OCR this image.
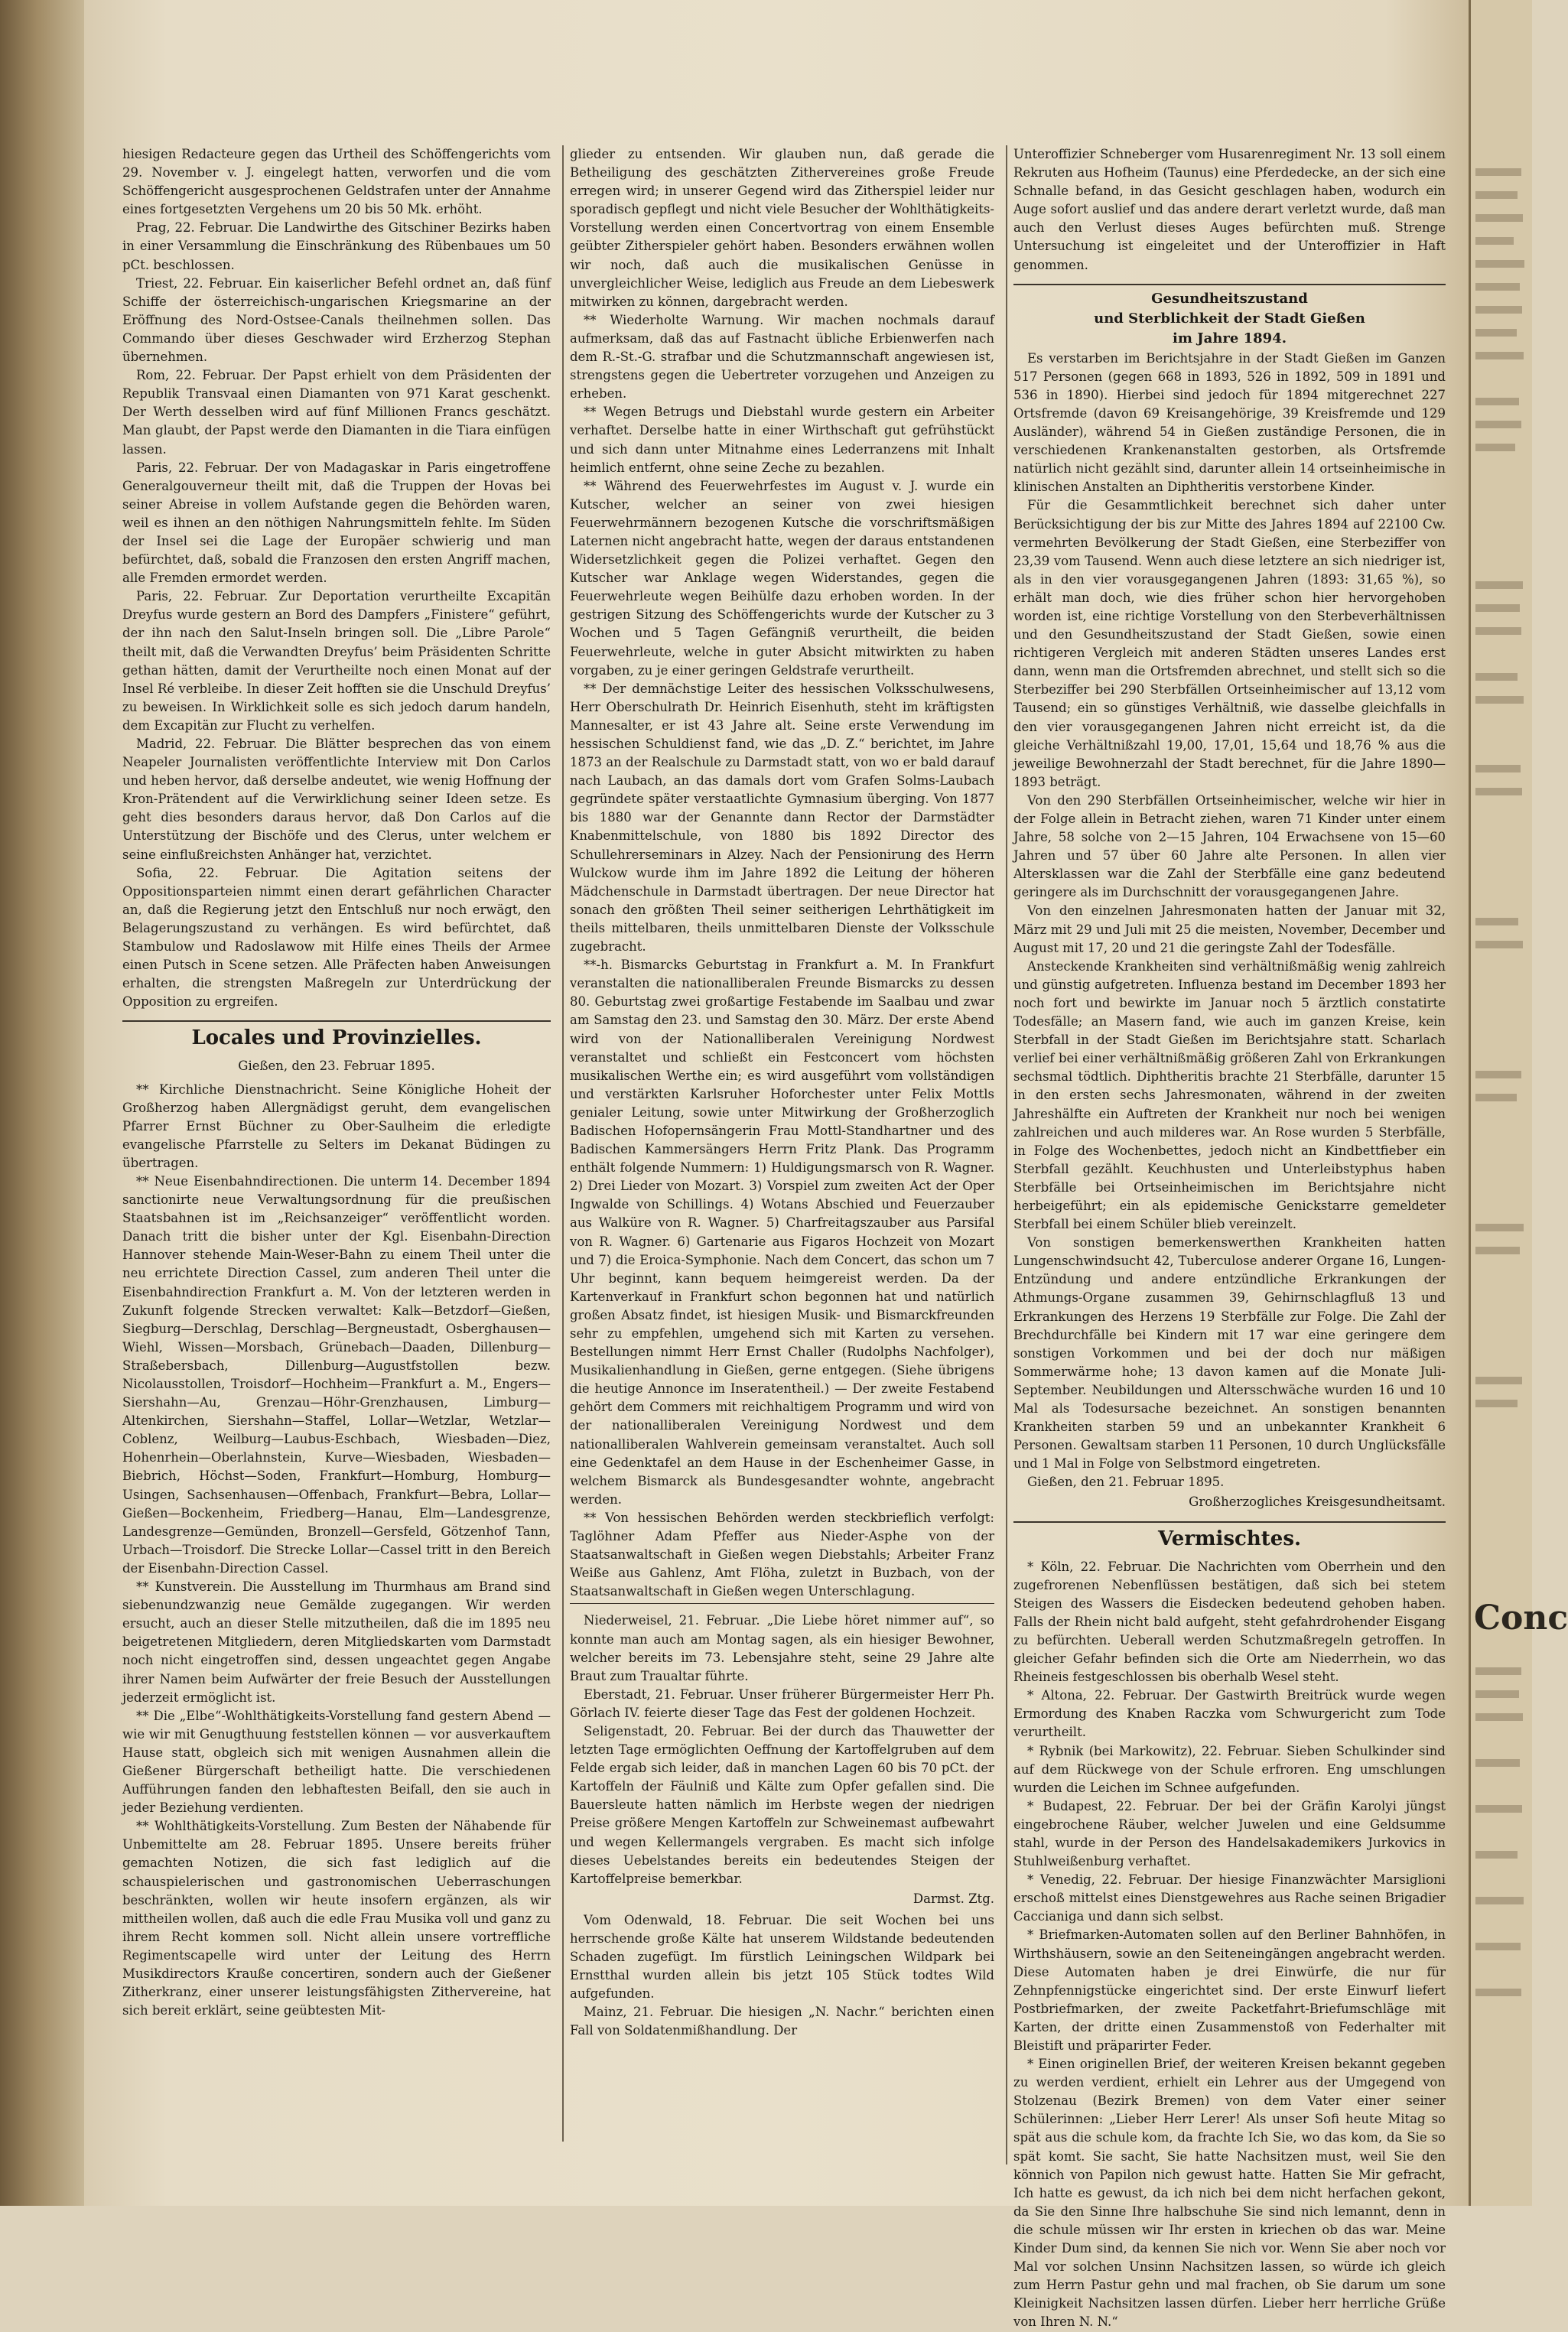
hiesigen Redacteure gegen das Urtheil des Schöffengerichts vom 29. November v. J. eingelegt hatten, verworfen und die vom Schöffengericht ausgesprochenen Geldstrafen unter der Annahme eines fortgesetzten Vergehens um 20 bis 50 Mk. erhöht.

Prag, 22. Februar. Die Landwirthe des Gitschiner Bezirks haben in einer Versammlung die Einschränkung des Rübenbaues um 50 pCt. beschlossen.

Triest, 22. Februar. Ein kaiserlicher Befehl ordnet an, daß fünf Schiffe der österreichisch-ungarischen Kriegsmarine an der Eröffnung des Nord-Ostsee-Canals theilnehmen sollen. Das Commando über dieses Geschwader wird Erzherzog Stephan übernehmen.

Rom, 22. Februar. Der Papst erhielt von dem Präsidenten der Republik Transvaal einen Diamanten von 971 Karat geschenkt. Der Werth desselben wird auf fünf Millionen Francs geschätzt. Man glaubt, der Papst werde den Diamanten in die Tiara einfügen lassen.

Paris, 22. Februar. Der von Madagaskar in Paris eingetroffene Generalgouverneur theilt mit, daß die Truppen der Hovas bei seiner Abreise in vollem Aufstande gegen die Behörden waren, weil es ihnen an den nöthigen Nahrungsmitteln fehlte. Im Süden der Insel sei die Lage der Europäer schwierig und man befürchtet, daß, sobald die Franzosen den ersten Angriff machen, alle Fremden ermordet werden.

Paris, 22. Februar. Zur Deportation verurtheilte Excapitän Dreyfus wurde gestern an Bord des Dampfers „Finistere“ geführt, der ihn nach den Salut-Inseln bringen soll. Die „Libre Parole“ theilt mit, daß die Verwandten Dreyfus’ beim Präsidenten Schritte gethan hätten, damit der Verurtheilte noch einen Monat auf der Insel Ré verbleibe. In dieser Zeit hofften sie die Unschuld Dreyfus’ zu beweisen. In Wirklichkeit solle es sich jedoch darum handeln, dem Excapitän zur Flucht zu verhelfen.

Madrid, 22. Februar. Die Blätter besprechen das von einem Neapeler Journalisten veröffentlichte Interview mit Don Carlos und heben hervor, daß derselbe andeutet, wie wenig Hoffnung der Kron-Prätendent auf die Verwirklichung seiner Ideen setze. Es geht dies besonders daraus hervor, daß Don Carlos auf die Unterstützung der Bischöfe und des Clerus, unter welchem er seine einflußreichsten Anhänger hat, verzichtet.

Sofia, 22. Februar. Die Agitation seitens der Oppositionsparteien nimmt einen derart gefährlichen Character an, daß die Regierung jetzt den Entschluß nur noch erwägt, den Belagerungszustand zu verhängen. Es wird befürchtet, daß Stambulow und Radoslawow mit Hilfe eines Theils der Armee einen Putsch in Scene setzen. Alle Präfecten haben Anweisungen erhalten, die strengsten Maßregeln zur Unterdrückung der Opposition zu ergreifen.

Locales und Provinzielles.
Gießen, den 23. Februar 1895.

** Kirchliche Dienstnachricht. Seine Königliche Hoheit der Großherzog haben Allergnädigst geruht, dem evangelischen Pfarrer Ernst Büchner zu Ober-Saulheim die erledigte evangelische Pfarrstelle zu Selters im Dekanat Büdingen zu übertragen.

** Neue Eisenbahndirectionen. Die unterm 14. December 1894 sanctionirte neue Verwaltungsordnung für die preußischen Staatsbahnen ist im „Reichsanzeiger“ veröffentlicht worden. Danach tritt die bisher unter der Kgl. Eisenbahn-Direction Hannover stehende Main-Weser-Bahn zu einem Theil unter die neu errichtete Direction Cassel, zum anderen Theil unter die Eisenbahndirection Frankfurt a. M. Von der letzteren werden in Zukunft folgende Strecken verwaltet: Kalk—Betzdorf—Gießen, Siegburg—Derschlag, Derschlag—Bergneustadt, Osberghausen—Wiehl, Wissen—Morsbach, Grünebach—Daaden, Dillenburg—Straßebersbach, Dillenburg—Augustfstollen bezw. Nicolausstollen, Troisdorf—Hochheim—Frankfurt a. M., Engers—Siershahn—Au, Grenzau—Höhr-Grenzhausen, Limburg—Altenkirchen, Siershahn—Staffel, Lollar—Wetzlar, Wetzlar—Coblenz, Weilburg—Laubus-Eschbach, Wiesbaden—Diez, Hohenrhein—Oberlahnstein, Kurve—Wiesbaden, Wiesbaden—Biebrich, Höchst—Soden, Frankfurt—Homburg, Homburg—Usingen, Sachsenhausen—Offenbach, Frankfurt—Bebra, Lollar—Gießen—Bockenheim, Friedberg—Hanau, Elm—Landesgrenze, Landesgrenze—Gemünden, Bronzell—Gersfeld, Götzenhof Tann, Urbach—Troisdorf. Die Strecke Lollar—Cassel tritt in den Bereich der Eisenbahn-Direction Cassel.

** Kunstverein. Die Ausstellung im Thurmhaus am Brand sind siebenundzwanzig neue Gemälde zugegangen. Wir werden ersucht, auch an dieser Stelle mitzutheilen, daß die im 1895 neu beigetretenen Mitgliedern, deren Mitgliedskarten vom Darmstadt noch nicht eingetroffen sind, dessen ungeachtet gegen Angabe ihrer Namen beim Aufwärter der freie Besuch der Ausstellungen jederzeit ermöglicht ist.

** Die „Elbe“-Wohlthätigkeits-Vorstellung fand gestern Abend — wie wir mit Genugthuung feststellen können — vor ausverkauftem Hause statt, obgleich sich mit wenigen Ausnahmen allein die Gießener Bürgerschaft betheiligt hatte. Die verschiedenen Aufführungen fanden den lebhaftesten Beifall, den sie auch in jeder Beziehung verdienten.

** Wohlthätigkeits-Vorstellung. Zum Besten der Nähabende für Unbemittelte am 28. Februar 1895. Unsere bereits früher gemachten Notizen, die sich fast lediglich auf die schauspielerischen und gastronomischen Ueberraschungen beschränkten, wollen wir heute insofern ergänzen, als wir mittheilen wollen, daß auch die edle Frau Musika voll und ganz zu ihrem Recht kommen soll. Nicht allein unsere vortreffliche Regimentscapelle wird unter der Leitung des Herrn Musikdirectors Krauße concertiren, sondern auch der Gießener Zitherkranz, einer unserer leistungsfähigsten Zithervereine, hat sich bereit erklärt, seine geübtesten Mit-

glieder zu entsenden. Wir glauben nun, daß gerade die Betheiligung des geschätzten Zithervereines große Freude erregen wird; in unserer Gegend wird das Zitherspiel leider nur sporadisch gepflegt und nicht viele Besucher der Wohlthätigkeits-Vorstellung werden einen Concertvortrag von einem Ensemble geübter Zitherspieler gehört haben. Besonders erwähnen wollen wir noch, daß auch die musikalischen Genüsse in unvergleichlicher Weise, lediglich aus Freude an dem Liebeswerk mitwirken zu können, dargebracht werden.

** Wiederholte Warnung. Wir machen nochmals darauf aufmerksam, daß das auf Fastnacht übliche Erbienwerfen nach dem R.-St.-G. strafbar und die Schutzmannschaft angewiesen ist, strengstens gegen die Uebertreter vorzugehen und Anzeigen zu erheben.

** Wegen Betrugs und Diebstahl wurde gestern ein Arbeiter verhaftet. Derselbe hatte in einer Wirthschaft gut gefrühstückt und sich dann unter Mitnahme eines Lederranzens mit Inhalt heimlich entfernt, ohne seine Zeche zu bezahlen.

** Während des Feuerwehrfestes im August v. J. wurde ein Kutscher, welcher an seiner von zwei hiesigen Feuerwehrmännern bezogenen Kutsche die vorschriftsmäßigen Laternen nicht angebracht hatte, wegen der daraus entstandenen Widersetzlichkeit gegen die Polizei verhaftet. Gegen den Kutscher war Anklage wegen Widerstandes, gegen die Feuerwehrleute wegen Beihülfe dazu erhoben worden. In der gestrigen Sitzung des Schöffengerichts wurde der Kutscher zu 3 Wochen und 5 Tagen Gefängniß verurtheilt, die beiden Feuerwehrleute, welche in guter Absicht mitwirkten zu haben vorgaben, zu je einer geringen Geldstrafe verurtheilt.

** Der demnächstige Leiter des hessischen Volksschulwesens, Herr Oberschulrath Dr. Heinrich Eisenhuth, steht im kräftigsten Mannesalter, er ist 43 Jahre alt. Seine erste Verwendung im hessischen Schuldienst fand, wie das „D. Z.“ berichtet, im Jahre 1873 an der Realschule zu Darmstadt statt, von wo er bald darauf nach Laubach, an das damals dort vom Grafen Solms-Laubach gegründete später verstaatlichte Gymnasium überging. Von 1877 bis 1880 war der Genannte dann Rector der Darmstädter Knabenmittelschule, von 1880 bis 1892 Director des Schullehrerseminars in Alzey. Nach der Pensionirung des Herrn Wulckow wurde ihm im Jahre 1892 die Leitung der höheren Mädchenschule in Darmstadt übertragen. Der neue Director hat sonach den größten Theil seiner seitherigen Lehrthätigkeit im theils mittelbaren, theils unmittelbaren Dienste der Volksschule zugebracht.

**-h. Bismarcks Geburtstag in Frankfurt a. M. In Frankfurt veranstalten die nationalliberalen Freunde Bismarcks zu dessen 80. Geburtstag zwei großartige Festabende im Saalbau und zwar am Samstag den 23. und Samstag den 30. März. Der erste Abend wird von der Nationalliberalen Vereinigung Nordwest veranstaltet und schließt ein Festconcert vom höchsten musikalischen Werthe ein; es wird ausgeführt vom vollständigen und verstärkten Karlsruher Hoforchester unter Felix Mottls genialer Leitung, sowie unter Mitwirkung der Großherzoglich Badischen Hofopernsängerin Frau Mottl-Standhartner und des Badischen Kammersängers Herrn Fritz Plank. Das Programm enthält folgende Nummern: 1) Huldigungsmarsch von R. Wagner. 2) Drei Lieder von Mozart. 3) Vorspiel zum zweiten Act der Oper Ingwalde von Schillings. 4) Wotans Abschied und Feuerzauber aus Walküre von R. Wagner. 5) Charfreitagszauber aus Parsifal von R. Wagner. 6) Gartenarie aus Figaros Hochzeit von Mozart und 7) die Eroica-Symphonie. Nach dem Concert, das schon um 7 Uhr beginnt, kann bequem heimgereist werden. Da der Kartenverkauf in Frankfurt schon begonnen hat und natürlich großen Absatz findet, ist hiesigen Musik- und Bismarckfreunden sehr zu empfehlen, umgehend sich mit Karten zu versehen. Bestellungen nimmt Herr Ernst Challer (Rudolphs Nachfolger), Musikalienhandlung in Gießen, gerne entgegen. (Siehe übrigens die heutige Annonce im Inseratentheil.) — Der zweite Festabend gehört dem Commers mit reichhaltigem Programm und wird von der nationalliberalen Vereinigung Nordwest und dem nationalliberalen Wahlverein gemeinsam veranstaltet. Auch soll eine Gedenktafel an dem Hause in der Eschenheimer Gasse, in welchem Bismarck als Bundesgesandter wohnte, angebracht werden.

** Von hessischen Behörden werden steckbrieflich verfolgt: Taglöhner Adam Pfeffer aus Nieder-Asphe von der Staatsanwaltschaft in Gießen wegen Diebstahls; Arbeiter Franz Weiße aus Gahlenz, Amt Flöha, zuletzt in Buzbach, von der Staatsanwaltschaft in Gießen wegen Unterschlagung.

Niederweisel, 21. Februar. „Die Liebe höret nimmer auf“, so konnte man auch am Montag sagen, als ein hiesiger Bewohner, welcher bereits im 73. Lebensjahre steht, seine 29 Jahre alte Braut zum Traualtar führte.

Eberstadt, 21. Februar. Unser früherer Bürgermeister Herr Ph. Görlach IV. feierte dieser Tage das Fest der goldenen Hochzeit.

Seligenstadt, 20. Februar. Bei der durch das Thauwetter der letzten Tage ermöglichten Oeffnung der Kartoffelgruben auf dem Felde ergab sich leider, daß in manchen Lagen 60 bis 70 pCt. der Kartoffeln der Fäulniß und Kälte zum Opfer gefallen sind. Die Bauersleute hatten nämlich im Herbste wegen der niedrigen Preise größere Mengen Kartoffeln zur Schweinemast aufbewahrt und wegen Kellermangels vergraben. Es macht sich infolge dieses Uebelstandes bereits ein bedeutendes Steigen der Kartoffelpreise bemerkbar.

Darmst. Ztg.

Vom Odenwald, 18. Februar. Die seit Wochen bei uns herrschende große Kälte hat unserem Wildstande bedeutenden Schaden zugefügt. Im fürstlich Leiningschen Wildpark bei Ernstthal wurden allein bis jetzt 105 Stück todtes Wild aufgefunden.

Mainz, 21. Februar. Die hiesigen „N. Nachr.“ berichten einen Fall von Soldatenmißhandlung. Der

Unteroffizier Schneberger vom Husarenregiment Nr. 13 soll einem Rekruten aus Hofheim (Taunus) eine Pferdedecke, an der sich eine Schnalle befand, in das Gesicht geschlagen haben, wodurch ein Auge sofort auslief und das andere derart verletzt wurde, daß man auch den Verlust dieses Auges befürchten muß. Strenge Untersuchung ist eingeleitet und der Unteroffizier in Haft genommen.

Gesundheitszustand
und Sterblichkeit der Stadt Gießen
im Jahre 1894.

Es verstarben im Berichtsjahre in der Stadt Gießen im Ganzen 517 Personen (gegen 668 in 1893, 526 in 1892, 509 in 1891 und 536 in 1890). Hierbei sind jedoch für 1894 mitgerechnet 227 Ortsfremde (davon 69 Kreisangehörige, 39 Kreisfremde und 129 Ausländer), während 54 in Gießen zuständige Personen, die in verschiedenen Krankenanstalten gestorben, als Ortsfremde natürlich nicht gezählt sind, darunter allein 14 ortseinheimische in klinischen Anstalten an Diphtheritis verstorbene Kinder.

Für die Gesammtlichkeit berechnet sich daher unter Berücksichtigung der bis zur Mitte des Jahres 1894 auf 22100 Cw. vermehrten Bevölkerung der Stadt Gießen, eine Sterbeziffer von 23,39 vom Tausend. Wenn auch diese letztere an sich niedriger ist, als in den vier vorausgegangenen Jahren (1893: 31,65 %), so erhält man doch, wie dies früher schon hier hervorgehoben worden ist, eine richtige Vorstellung von den Sterbeverhältnissen und den Gesundheitszustand der Stadt Gießen, sowie einen richtigeren Vergleich mit anderen Städten unseres Landes erst dann, wenn man die Ortsfremden abrechnet, und stellt sich so die Sterbeziffer bei 290 Sterbfällen Ortseinheimischer auf 13,12 vom Tausend; ein so günstiges Verhältniß, wie dasselbe gleichfalls in den vier vorausgegangenen Jahren nicht erreicht ist, da die gleiche Verhältnißzahl 19,00, 17,01, 15,64 und 18,76 % aus die jeweilige Bewohnerzahl der Stadt berechnet, für die Jahre 1890—1893 beträgt.

Von den 290 Sterbfällen Ortseinheimischer, welche wir hier in der Folge allein in Betracht ziehen, waren 71 Kinder unter einem Jahre, 58 solche von 2—15 Jahren, 104 Erwachsene von 15—60 Jahren und 57 über 60 Jahre alte Personen. In allen vier Altersklassen war die Zahl der Sterbfälle eine ganz bedeutend geringere als im Durchschnitt der vorausgegangenen Jahre.

Von den einzelnen Jahresmonaten hatten der Januar mit 32, März mit 29 und Juli mit 25 die meisten, November, December und August mit 17, 20 und 21 die geringste Zahl der Todesfälle.

Ansteckende Krankheiten sind verhältnißmäßig wenig zahlreich und günstig aufgetreten. Influenza bestand im December 1893 her noch fort und bewirkte im Januar noch 5 ärztlich constatirte Todesfälle; an Masern fand, wie auch im ganzen Kreise, kein Sterbfall in der Stadt Gießen im Berichtsjahre statt. Scharlach verlief bei einer verhältnißmäßig größeren Zahl von Erkrankungen sechsmal tödtlich. Diphtheritis brachte 21 Sterbfälle, darunter 15 in den ersten sechs Jahresmonaten, während in der zweiten Jahreshälfte ein Auftreten der Krankheit nur noch bei wenigen zahlreichen und auch milderes war. An Rose wurden 5 Sterbfälle, in Folge des Wochenbettes, jedoch nicht an Kindbettfieber ein Sterbfall gezählt. Keuchhusten und Unterleibstyphus haben Sterbfälle bei Ortseinheimischen im Berichtsjahre nicht herbeigeführt; ein als epidemische Genickstarre gemeldeter Sterbfall bei einem Schüler blieb vereinzelt.

Von sonstigen bemerkenswerthen Krankheiten hatten Lungenschwindsucht 42, Tuberculose anderer Organe 16, Lungen-Entzündung und andere entzündliche Erkrankungen der Athmungs-Organe zusammen 39, Gehirnschlagfluß 13 und Erkrankungen des Herzens 19 Sterbfälle zur Folge. Die Zahl der Brechdurchfälle bei Kindern mit 17 war eine geringere dem sonstigen Vorkommen und bei der doch nur mäßigen Sommerwärme hohe; 13 davon kamen auf die Monate Juli-September. Neubildungen und Altersschwäche wurden 16 und 10 Mal als Todesursache bezeichnet. An sonstigen benannten Krankheiten starben 59 und an unbekannter Krankheit 6 Personen. Gewaltsam starben 11 Personen, 10 durch Unglücksfälle und 1 Mal in Folge von Selbstmord eingetreten.

Gießen, den 21. Februar 1895.

Großherzogliches Kreisgesundheitsamt.
Vermischtes.

* Köln, 22. Februar. Die Nachrichten vom Oberrhein und den zugefrorenen Nebenflüssen bestätigen, daß sich bei stetem Steigen des Wassers die Eisdecken bedeutend gehoben haben. Falls der Rhein nicht bald aufgeht, steht gefahrdrohender Eisgang zu befürchten. Ueberall werden Schutzmaßregeln getroffen. In gleicher Gefahr befinden sich die Orte am Niederrhein, wo das Rheineis festgeschlossen bis oberhalb Wesel steht.

* Altona, 22. Februar. Der Gastwirth Breitrück wurde wegen Ermordung des Knaben Raczka vom Schwurgericht zum Tode verurtheilt.

* Rybnik (bei Markowitz), 22. Februar. Sieben Schulkinder sind auf dem Rückwege von der Schule erfroren. Eng umschlungen wurden die Leichen im Schnee aufgefunden.

* Budapest, 22. Februar. Der bei der Gräfin Karolyi jüngst eingebrochene Räuber, welcher Juwelen und eine Geldsumme stahl, wurde in der Person des Handelsakademikers Jurkovics in Stuhlweißenburg verhaftet.

* Venedig, 22. Februar. Der hiesige Finanzwächter Marsiglioni erschoß mittelst eines Dienstgewehres aus Rache seinen Brigadier Caccianiga und dann sich selbst.

* Briefmarken-Automaten sollen auf den Berliner Bahnhöfen, in Wirthshäusern, sowie an den Seiteneingängen angebracht werden. Diese Automaten haben je drei Einwürfe, die nur für Zehnpfennigstücke eingerichtet sind. Der erste Einwurf liefert Postbriefmarken, der zweite Packetfahrt-Briefumschläge mit Karten, der dritte einen Zusammenstoß von Federhalter mit Bleistift und präparirter Feder.

* Einen originellen Brief, der weiteren Kreisen bekannt gegeben zu werden verdient, erhielt ein Lehrer aus der Umgegend von Stolzenau (Bezirk Bremen) von dem Vater einer seiner Schülerinnen: „Lieber Herr Lerer! Als unser Sofi heute Mitag so spät aus die schule kom, da frachte Ich Sie, wo das kom, da Sie so spät komt. Sie sacht, Sie hatte Nachsitzen must, weil Sie den könnich von Papilon nich gewust hatte. Hatten Sie Mir gefracht, Ich hatte es gewust, da ich nich bei dem nicht herfachen gekont, da Sie den Sinne Ihre halbschuhe Sie sind nich lemannt, denn in die schule müssen wir Ihr ersten in kriechen ob das war. Meine Kinder Dum sind, da kennen Sie nich vor. Wenn Sie aber noch vor Mal vor solchen Unsinn Nachsitzen lassen, so würde ich gleich zum Herrn Pastur gehn und mal frachen, ob Sie darum um sone Kleinigkeit Nachsitzen lassen dürfen. Lieber herr herrliche Grüße von Ihren N. N.“

Conc
